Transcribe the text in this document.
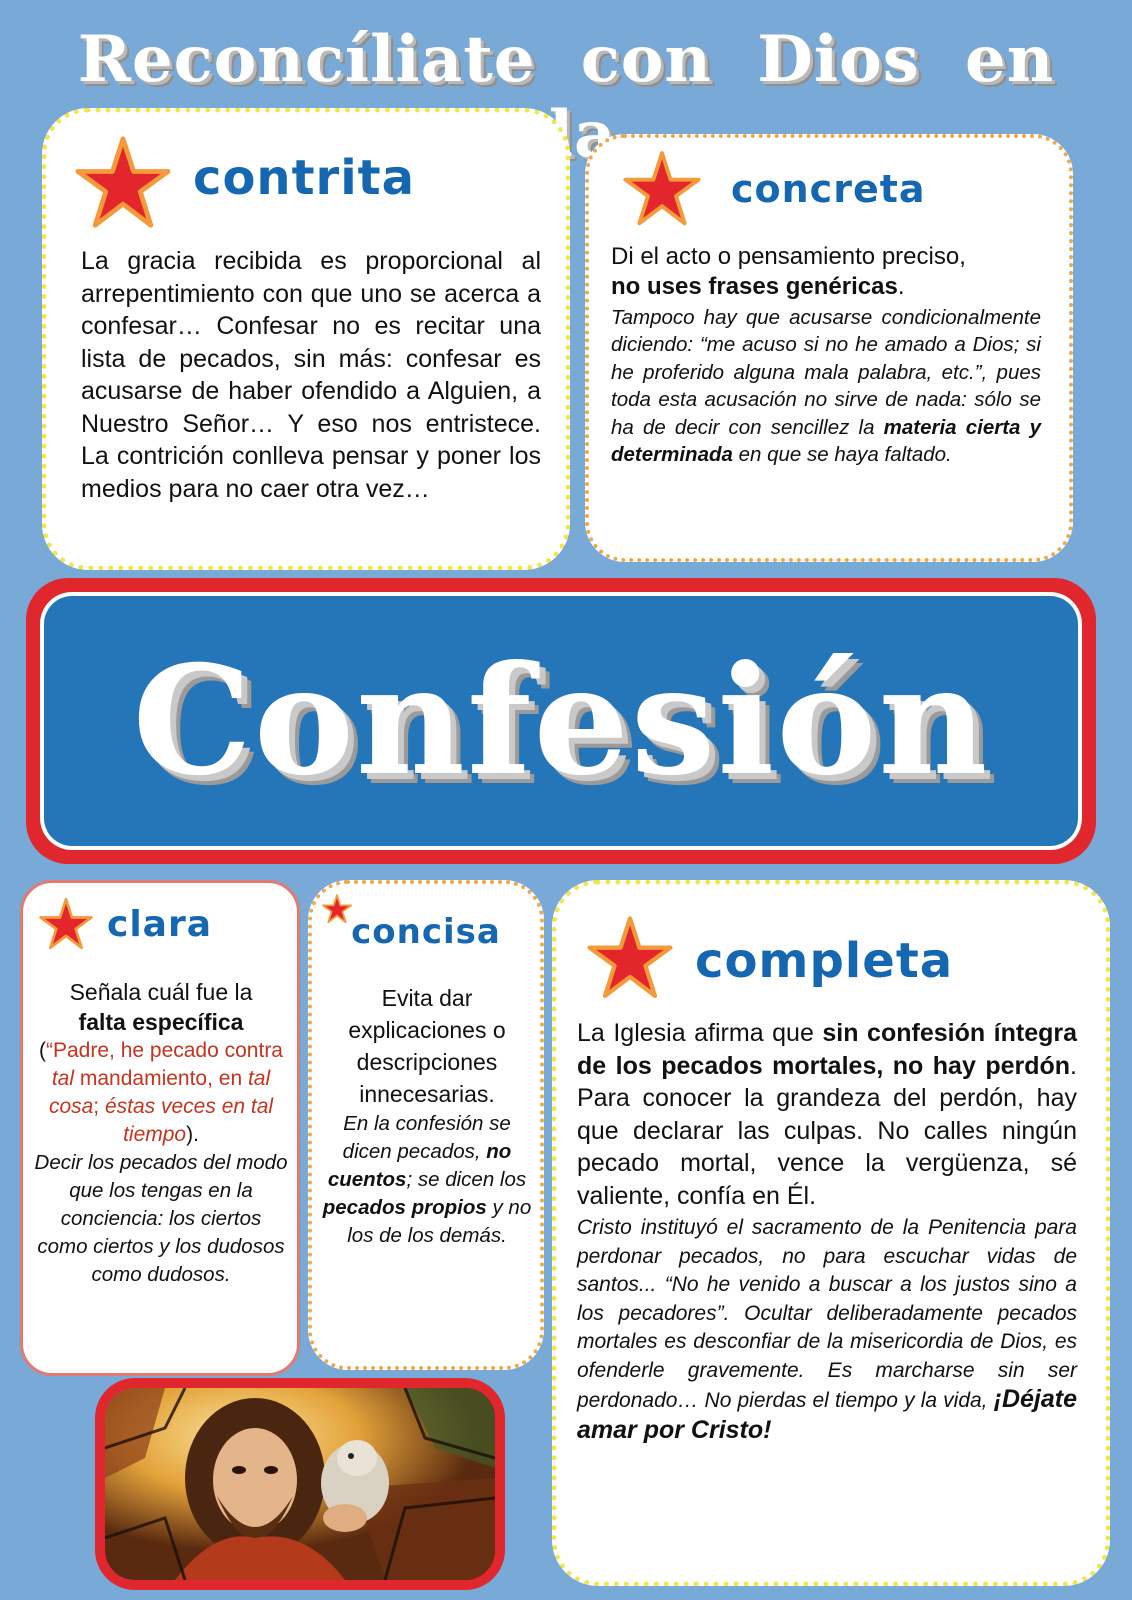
Reconcíliate con Dios en
contrita
La gracia recibida es proporcional al arrepentimiento con que uno se acerca a confesar… Confesar no es recitar una lista de pecados, sin más: confesar es acusarse de haber ofendido a Alguien, a Nuestro Señor… Y eso nos entristece. La contrición conlleva pensar y poner los medios para no caer otra vez…
concreta
Di el acto o pensamiento preciso,
no uses frases genéricas.
Tampoco hay que acusarse condicionalmente diciendo: “me acuso si no he amado a Dios; si he proferido alguna mala palabra, etc.”, pues toda esta acusación no sirve de nada: sólo se ha de decir con sencillez la materia cierta y determinada en que se haya faltado.
Confesión
clara
Señala cuál fue la
falta específica
(“Padre, he pecado contra tal mandamiento, en tal cosa; éstas veces en tal tiempo).
Decir los pecados del modo que los tengas en la conciencia: los ciertos como ciertos y los dudosos como dudosos.
concisa
Evita dar explicaciones o descripciones innecesarias.
En la confesión se dicen pecados, no cuentos; se dicen los pecados propios y no los de los demás.
completa
La Iglesia afirma que sin confesión íntegra de los pecados mortales, no hay perdón. Para conocer la grandeza del perdón, hay que declarar las culpas. No calles ningún pecado mortal, vence la vergüenza, sé valiente, confía en Él.
Cristo instituyó el sacramento de la Penitencia para perdonar pecados, no para escuchar vidas de santos... “No he venido a buscar a los justos sino a los pecadores”. Ocultar deliberadamente pecados mortales es desconfiar de la misericordia de Dios, es ofenderle gravemente. Es marcharse sin ser perdonado… No pierdas el tiempo y la vida, ¡Déjate amar por Cristo!
